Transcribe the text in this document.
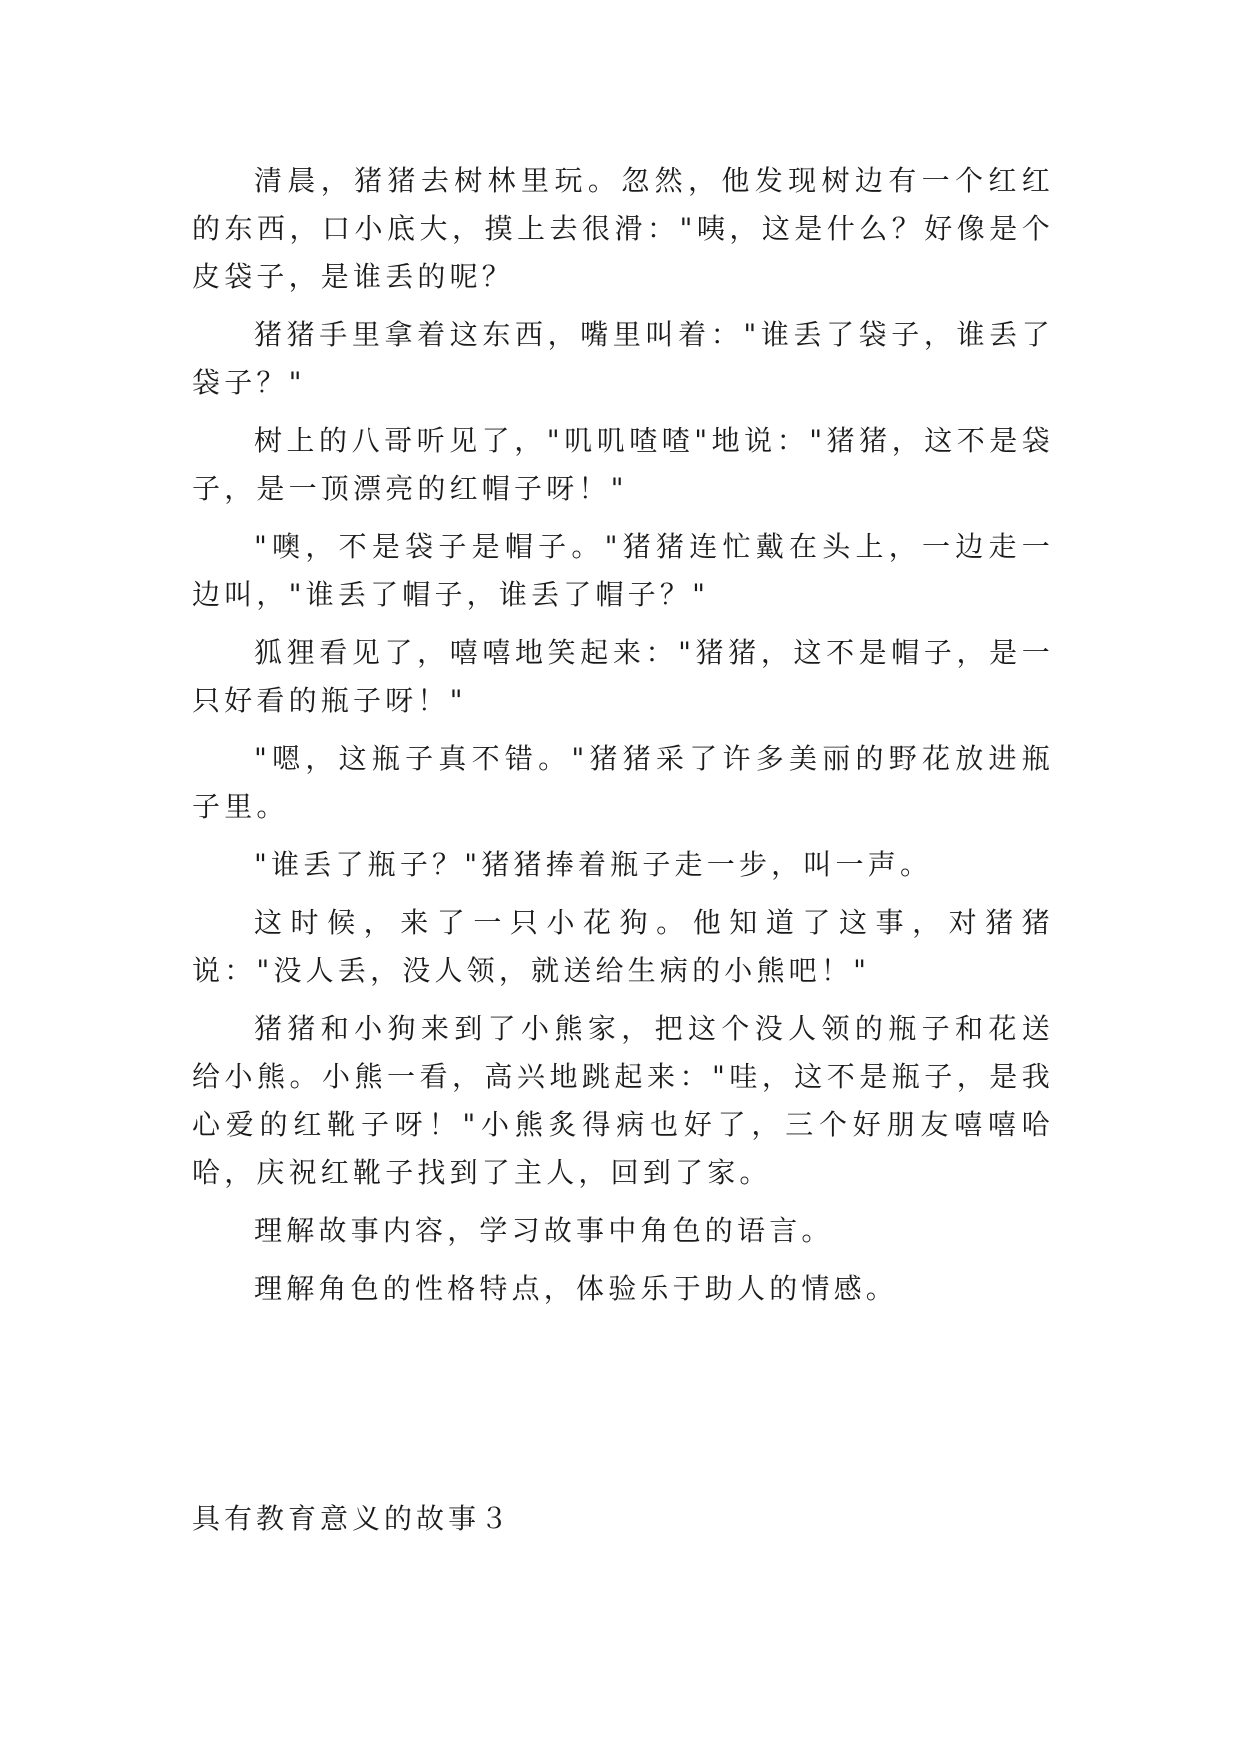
清晨，猪猪去树林里玩。忽然，他发现树边有一个红红的东西，口小底大，摸上去很滑："咦，这是什么？好像是个皮袋子，是谁丢的呢？

猪猪手里拿着这东西，嘴里叫着："谁丢了袋子，谁丢了袋子？"

树上的八哥听见了，"叽叽喳喳"地说："猪猪，这不是袋子，是一顶漂亮的红帽子呀！"

"噢，不是袋子是帽子。"猪猪连忙戴在头上，一边走一边叫，"谁丢了帽子，谁丢了帽子？"

狐狸看见了，嘻嘻地笑起来："猪猪，这不是帽子，是一只好看的瓶子呀！"

"嗯，这瓶子真不错。"猪猪采了许多美丽的野花放进瓶子里。

"谁丢了瓶子？"猪猪捧着瓶子走一步，叫一声。

这时候，来了一只小花狗。他知道了这事，对猪猪说："没人丢，没人领，就送给生病的小熊吧！"

猪猪和小狗来到了小熊家，把这个没人领的瓶子和花送给小熊。小熊一看，高兴地跳起来："哇，这不是瓶子，是我心爱的红靴子呀！"小熊炙得病也好了，三个好朋友嘻嘻哈哈，庆祝红靴子找到了主人，回到了家。

理解故事内容，学习故事中角色的语言。

理解角色的性格特点，体验乐于助人的情感。

具有教育意义的故事３
